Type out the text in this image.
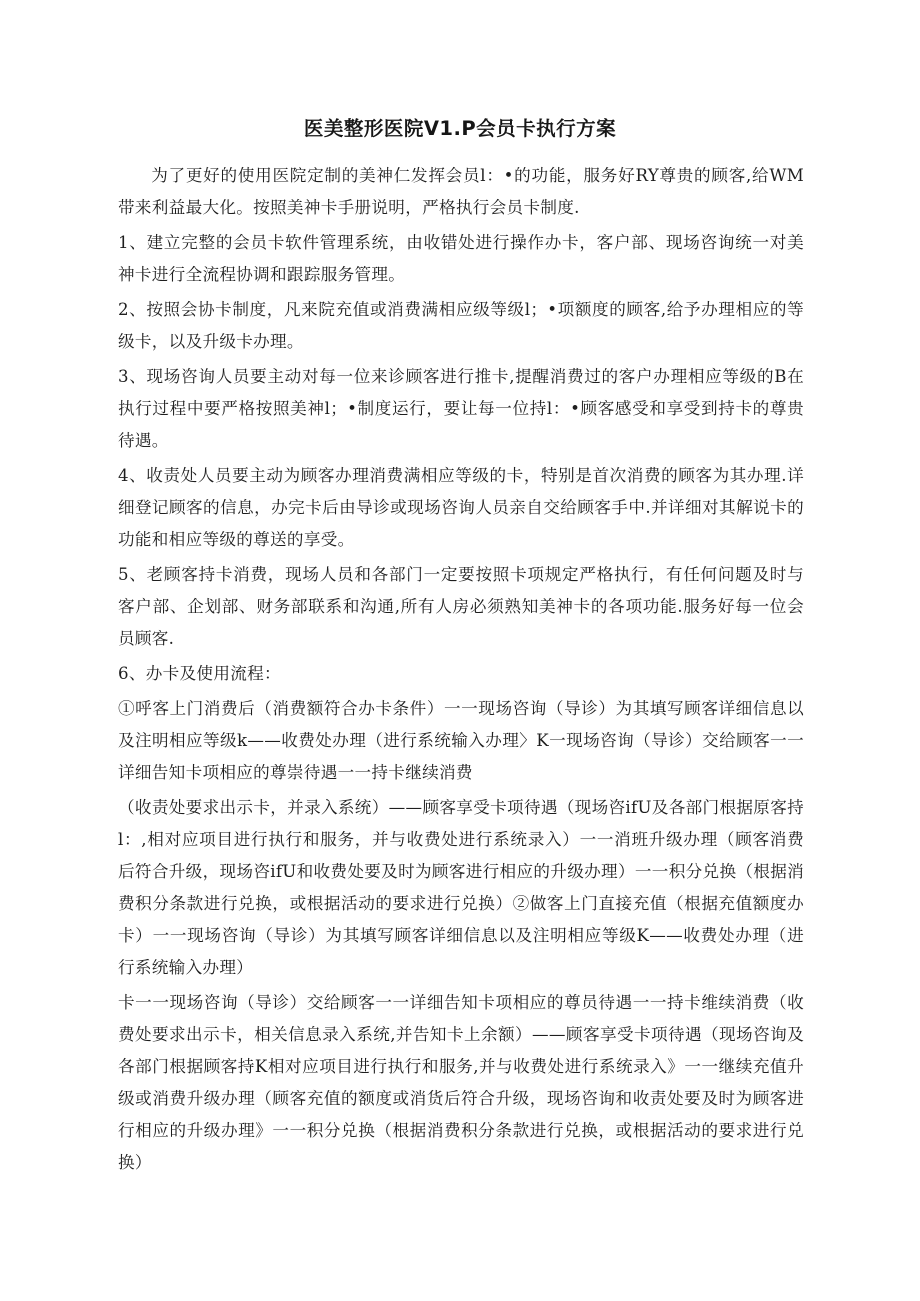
医美整形医院V1.P会员卡执行方案

为了更好的使用医院定制的美神仁发挥会员l：•的功能，服务好RY尊贵的顾客,给WM带来利益最大化。按照美神卡手册说明，严格执行会员卡制度.

1、建立完整的会员卡软件管理系统，由收错处进行操作办卡，客户部、现场咨询统一对美神卡进行全流程协调和跟踪服务管理。

2、按照会协卡制度，凡来院充值或消费满相应级等级l；•项额度的顾客,给予办理相应的等级卡，以及升级卡办理。

3、现场咨询人员要主动对每一位来诊顾客进行推卡,提醒消费过的客户办理相应等级的B在执行过程中要严格按照美神l；•制度运行，要让每一位持l：•顾客感受和享受到持卡的尊贵待遇。

4、收责处人员要主动为顾客办理消费满相应等级的卡，特别是首次消费的顾客为其办理.详细登记顾客的信息，办完卡后由导诊或现场咨询人员亲自交给顾客手中.并详细对其解说卡的功能和相应等级的尊送的享受。

5、老顾客持卡消费，现场人员和各部门一定要按照卡项规定严格执行，有任何问题及时与客户部、企划部、财务部联系和沟通,所有人房必须熟知美神卡的各项功能.服务好每一位会员顾客.

6、办卡及使用流程：

①呼客上门消费后（消费额符合办卡条件）一一现场咨询（导诊）为其填写顾客详细信息以及注明相应等级k——收费处办理（进行系统输入办理〉K一现场咨询（导诊）交给顾客一一详细告知卡项相应的尊崇待遇一一持卡继续消费

（收责处要求出示卡，并录入系统）——顾客享受卡项待遇（现场咨ifU及各部门根据原客持l：,相对应项目进行执行和服务，并与收费处进行系统录入）一一消班升级办理（顾客消费后符合升级，现场咨ifU和收费处要及时为顾客进行相应的升级办理）一一积分兑换（根据消费积分条款进行兑换，或根据活动的要求进行兑换）②做客上门直接充值（根据充值额度办卡）一一现场咨询（导诊）为其填写顾客详细信息以及注明相应等级K——收费处办理（进行系统输入办理）

卡一一现场咨询（导诊）交给顾客一一详细告知卡项相应的尊员待遇一一持卡维续消费（收费处要求出示卡，相关信息录入系统,并告知卡上余额）——顾客享受卡项待遇（现场咨询及各部门根据顾客持K相对应项目进行执行和服务,并与收费处进行系统录入》一一继续充值升级或消费升级办理（顾客充值的额度或消货后符合升级，现场咨询和收责处要及时为顾客进行相应的升级办理》一一积分兑换（根据消费积分条款进行兑换，或根据活动的要求进行兑换）
